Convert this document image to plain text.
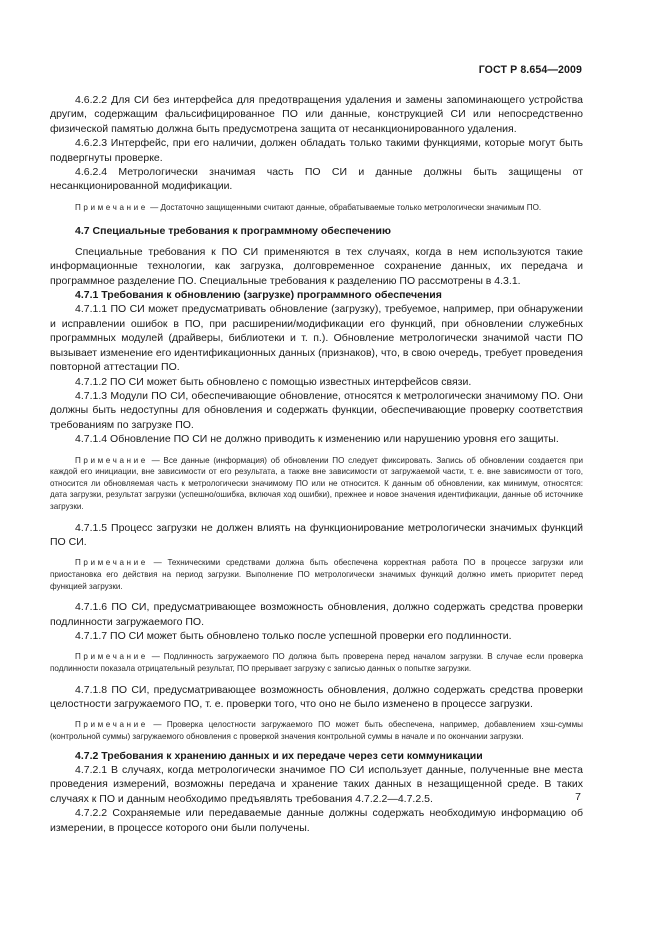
ГОСТ Р 8.654—2009

4.6.2.2 Для СИ без интерфейса для предотвращения удаления и замены запоминающего устройства другим, содержащим фальсифицированное ПО или данные, конструкцией СИ или непосредственно физической памятью должна быть предусмотрена защита от несанкционированного удаления.

4.6.2.3 Интерфейс, при его наличии, должен обладать только такими функциями, которые могут быть подвергнуты проверке.

4.6.2.4 Метрологически значимая часть ПО СИ и данные должны быть защищены от несанкционированной модификации.

Примечание — Достаточно защищенными считают данные, обрабатываемые только метрологически значимым ПО.

4.7 Специальные требования к программному обеспечению

Специальные требования к ПО СИ применяются в тех случаях, когда в нем используются такие информационные технологии, как загрузка, долговременное сохранение данных, их передача и программное разделение ПО. Специальные требования к разделению ПО рассмотрены в 4.3.1.

4.7.1 Требования к обновлению (загрузке) программного обеспечения

4.7.1.1 ПО СИ может предусматривать обновление (загрузку), требуемое, например, при обнаружении и исправлении ошибок в ПО, при расширении/модификации его функций, при обновлении служебных программных модулей (драйверы, библиотеки и т. п.). Обновление метрологически значимой части ПО вызывает изменение его идентификационных данных (признаков), что, в свою очередь, требует проведения повторной аттестации ПО.

4.7.1.2 ПО СИ может быть обновлено с помощью известных интерфейсов связи.

4.7.1.3 Модули ПО СИ, обеспечивающие обновление, относятся к метрологически значимому ПО. Они должны быть недоступны для обновления и содержать функции, обеспечивающие проверку соответствия требованиям по загрузке ПО.

4.7.1.4 Обновление ПО СИ не должно приводить к изменению или нарушению уровня его защиты.

Примечание — Все данные (информация) об обновлении ПО следует фиксировать. Запись об обновлении создается при каждой его инициации, вне зависимости от его результата, а также вне зависимости от загружаемой части, т. е. вне зависимости от того, относится ли обновляемая часть к метрологически значимому ПО или не относится. К данным об обновлении, как минимум, относятся: дата загрузки, результат загрузки (успешно/ошибка, включая ход ошибки), прежнее и новое значения идентификации, данные об источнике загрузки.

4.7.1.5 Процесс загрузки не должен влиять на функционирование метрологически значимых функций ПО СИ.

Примечание — Техническими средствами должна быть обеспечена корректная работа ПО в процессе загрузки или приостановка его действия на период загрузки. Выполнение ПО метрологически значимых функций должно иметь приоритет перед функцией загрузки.

4.7.1.6 ПО СИ, предусматривающее возможность обновления, должно содержать средства проверки подлинности загружаемого ПО.

4.7.1.7 ПО СИ может быть обновлено только после успешной проверки его подлинности.

Примечание — Подлинность загружаемого ПО должна быть проверена перед началом загрузки. В случае если проверка подлинности показала отрицательный результат, ПО прерывает загрузку с записью данных о попытке загрузки.

4.7.1.8 ПО СИ, предусматривающее возможность обновления, должно содержать средства проверки целостности загружаемого ПО, т. е. проверки того, что оно не было изменено в процессе загрузки.

Примечание — Проверка целостности загружаемого ПО может быть обеспечена, например, добавлением хэш-суммы (контрольной суммы) загружаемого обновления с проверкой значения контрольной суммы в начале и по окончании загрузки.

4.7.2 Требования к хранению данных и их передаче через сети коммуникации

4.7.2.1 В случаях, когда метрологически значимое ПО СИ использует данные, полученные вне места проведения измерений, возможны передача и хранение таких данных в незащищенной среде. В таких случаях к ПО и данным необходимо предъявлять требования 4.7.2.2—4.7.2.5.

4.7.2.2 Сохраняемые или передаваемые данные должны содержать необходимую информацию об измерении, в процессе которого они были получены.

7
